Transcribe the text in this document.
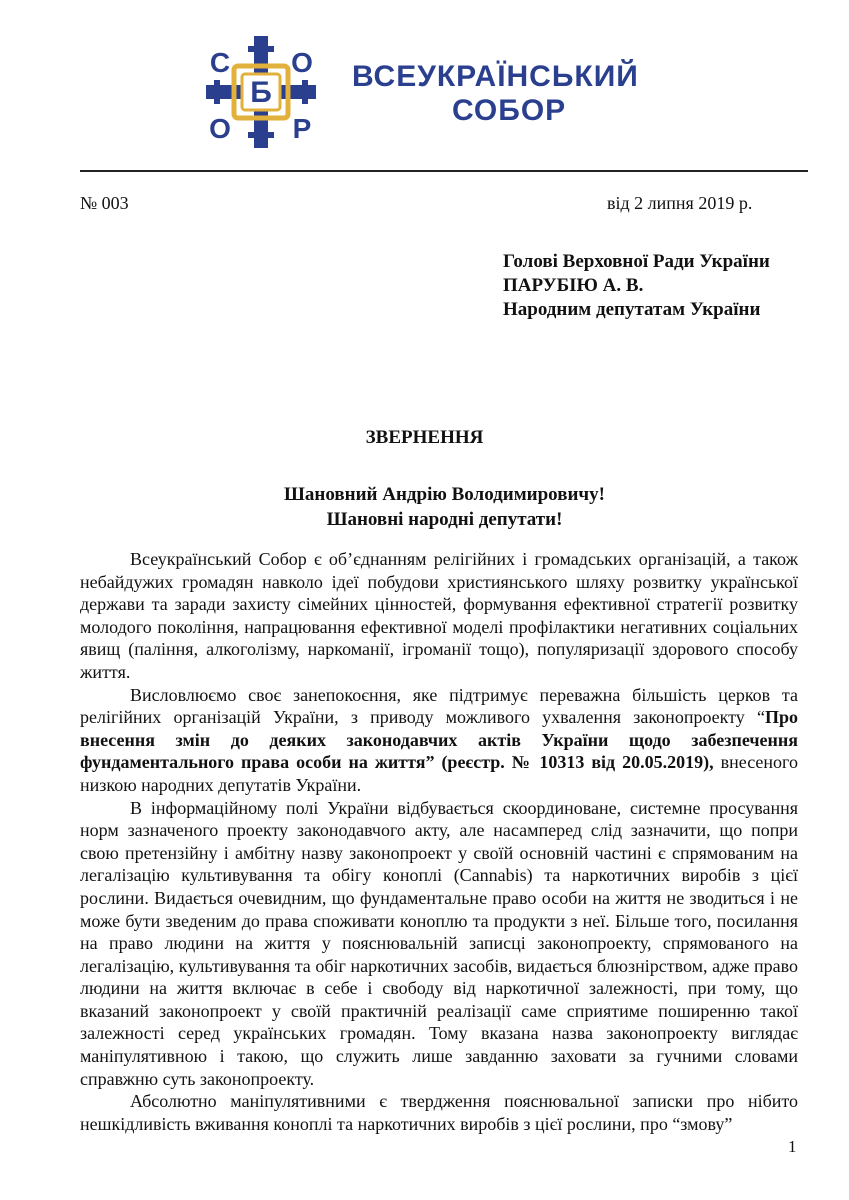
С О
Б
О Р
ВСЕУКРАЇНСЬКИЙ
СОБОР
№ 003	від 2 липня 2019 р.
Голові Верховної Ради України
ПАРУБІЮ А. В.
Народним депутатам України
ЗВЕРНЕННЯ
Шановний Андрію Володимировичу!
Шановні народні депутати!

Всеукраїнський Собор є об’єднанням релігійних і громадських організацій, а також небайдужих громадян навколо ідеї побудови християнського шляху розвитку української держави та заради захисту сімейних цінностей, формування ефективної стратегії розвитку молодого покоління, напрацювання ефективної моделі профілактики негативних соціальних явищ (паління, алкоголізму, наркоманії, ігроманії тощо), популяризації здорового способу життя.

Висловлюємо своє занепокоєння, яке підтримує переважна більшість церков та релігійних організацій України, з приводу можливого ухвалення законопроекту “Про внесення змін до деяких законодавчих актів України щодо забезпечення фундаментального права особи на життя” (реєстр. № 10313 від 20.05.2019), внесеного низкою народних депутатів України.

В інформаційному полі України відбувається скоординоване, системне просування норм зазначеного проекту законодавчого акту, але насамперед слід зазначити, що попри свою претензійну і амбітну назву законопроект у своїй основній частині є спрямованим на легалізацію культивування та обігу коноплі (Cannabis) та наркотичних виробів з цієї рослини. Видається очевидним, що фундаментальне право особи на життя не зводиться і не може бути зведеним до права споживати коноплю та продукти з неї. Більше того, посилання на право людини на життя у пояснювальній записці законопроекту, спрямованого на легалізацію, культивування та обіг наркотичних засобів, видається блюзнірством, адже право людини на життя включає в себе і свободу від наркотичної залежності, при тому, що вказаний законопроект у своїй практичній реалізації саме сприятиме поширенню такої залежності серед українських громадян. Тому вказана назва законопроекту виглядає маніпулятивною і такою, що служить лише завданню заховати за гучними словами справжню суть законопроекту.

Абсолютно маніпулятивними є твердження пояснювальної записки про нібито нешкідливість вживання коноплі та наркотичних виробів з цієї рослини, про “змову”

1
